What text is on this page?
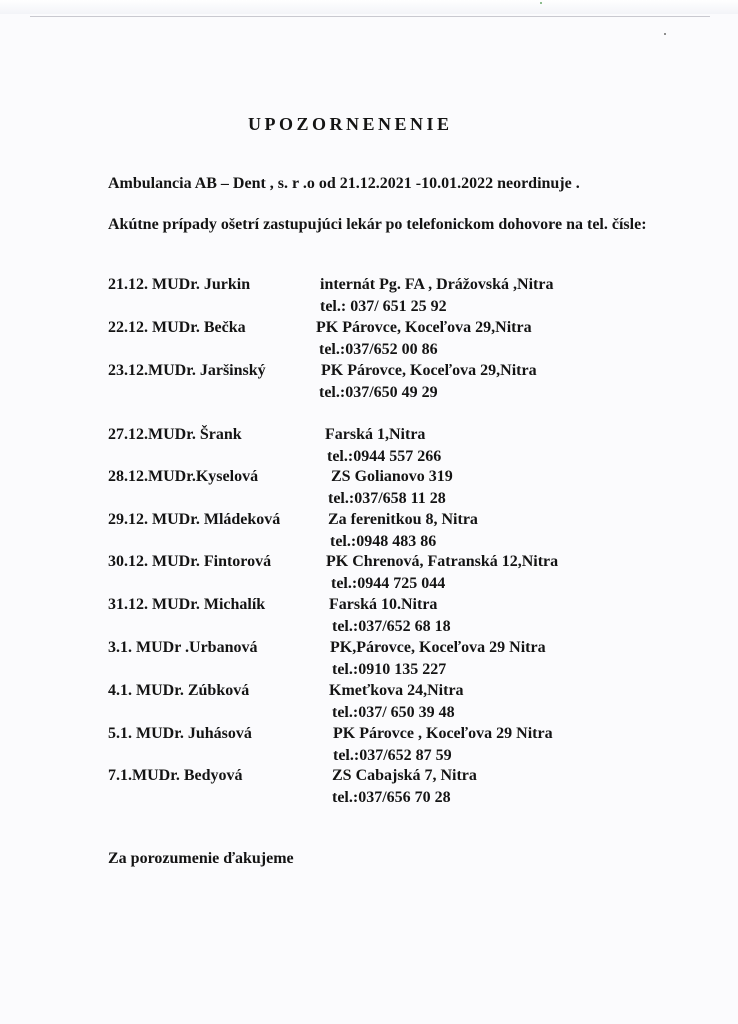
UPOZORNENENIE

Ambulancia AB – Dent , s. r .o od 21.12.2021 -10.01.2022 neordinuje .

Akútne prípady ošetrí zastupujúci lekár po telefonickom dohovore na tel. čísle:

21.12. MUDr. Jurkin	internát Pg. FA , Drážovská ,Nitra
tel.: 037/ 651 25 92
22.12. MUDr. Bečka	PK Párovce, Koceľova 29,Nitra
tel.:037/652 00 86
23.12.MUDr. Jaršinský	PK Párovce, Koceľova 29,Nitra
tel.:037/650 49 29
27.12.MUDr. Šrank	Farská 1,Nitra
tel.:0944 557 266
28.12.MUDr.Kyselová	ZS Golianovo 319
tel.:037/658 11 28
29.12. MUDr. Mládeková	Za ferenitkou 8, Nitra
tel.:0948 483 86
30.12. MUDr. Fintorová	PK Chrenová, Fatranská 12,Nitra
tel.:0944 725 044
31.12. MUDr. Michalík	Farská 10.Nitra
tel.:037/652 68 18
3.1. MUDr .Urbanová	PK,Párovce, Koceľova 29 Nitra
tel.:0910 135 227
4.1. MUDr. Zúbková	Kmeťkova 24,Nitra
tel.:037/ 650 39 48
5.1. MUDr. Juhásová	PK Párovce , Koceľova 29 Nitra
tel.:037/652 87 59
7.1.MUDr. Bedyová	ZS Cabajská 7, Nitra
tel.:037/656 70 28

Za porozumenie ďakujeme
